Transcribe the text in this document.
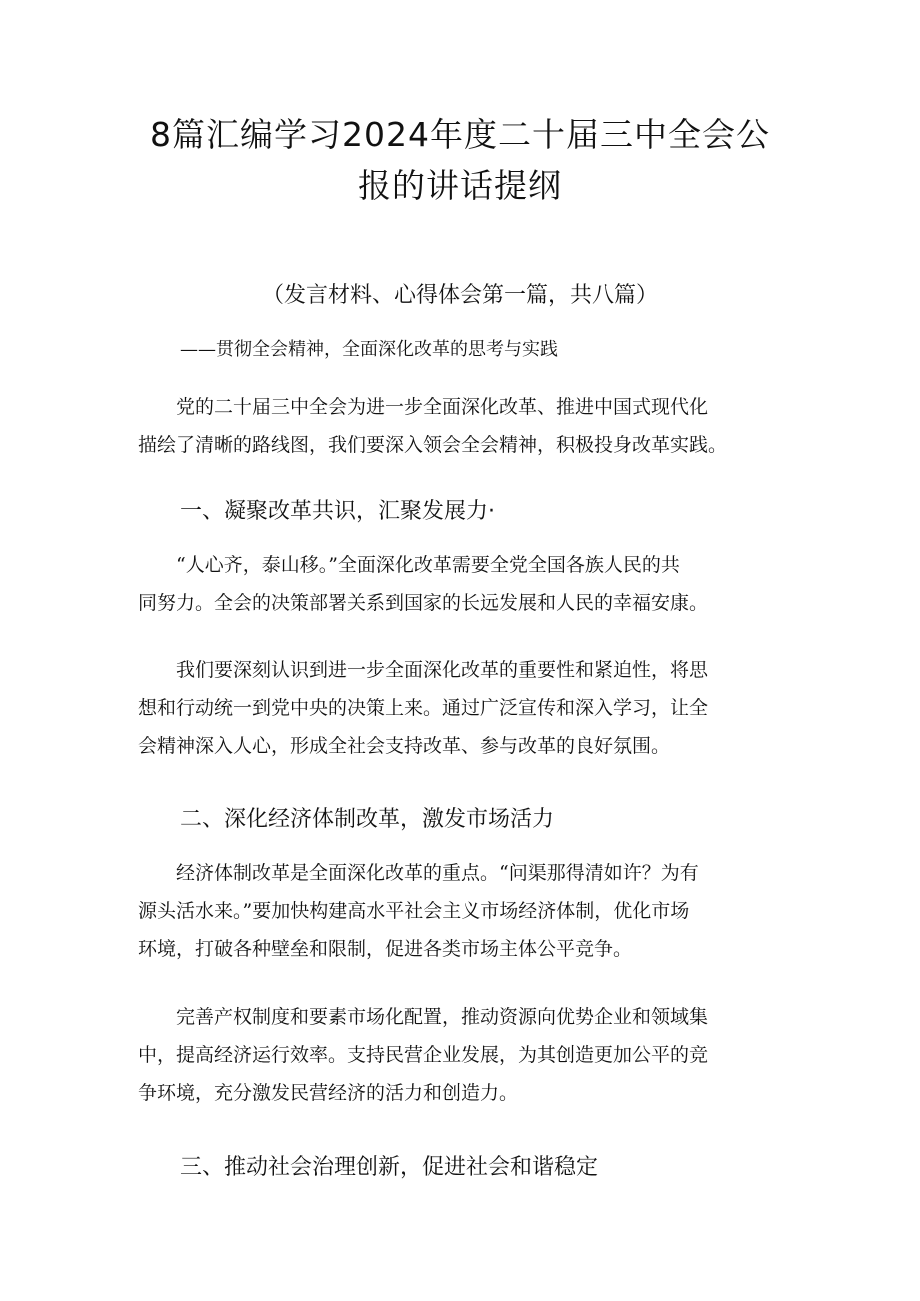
8篇汇编学习2024年度二十届三中全会公
报的讲话提纲
（发言材料、心得体会第一篇，共八篇）
——贯彻全会精神，全面深化改革的思考与实践
　　党的二十届三中全会为进一步全面深化改革、推进中国式现代化
描绘了清晰的路线图，我们要深入领会全会精神，积极投身改革实践。
一、凝聚改革共识，汇聚发展力·
　　“人心齐，泰山移。”全面深化改革需要全党全国各族人民的共
同努力。全会的决策部署关系到国家的长远发展和人民的幸福安康。
　　我们要深刻认识到进一步全面深化改革的重要性和紧迫性，将思
想和行动统一到党中央的决策上来。通过广泛宣传和深入学习，让全
会精神深入人心，形成全社会支持改革、参与改革的良好氛围。
二、深化经济体制改革，激发市场活力
　　经济体制改革是全面深化改革的重点。“问渠那得清如许？为有
源头活水来。”要加快构建高水平社会主义市场经济体制，优化市场
环境，打破各种壁垒和限制，促进各类市场主体公平竞争。
　　完善产权制度和要素市场化配置，推动资源向优势企业和领域集
中，提高经济运行效率。支持民营企业发展，为其创造更加公平的竞
争环境，充分激发民营经济的活力和创造力。
三、推动社会治理创新，促进社会和谐稳定
